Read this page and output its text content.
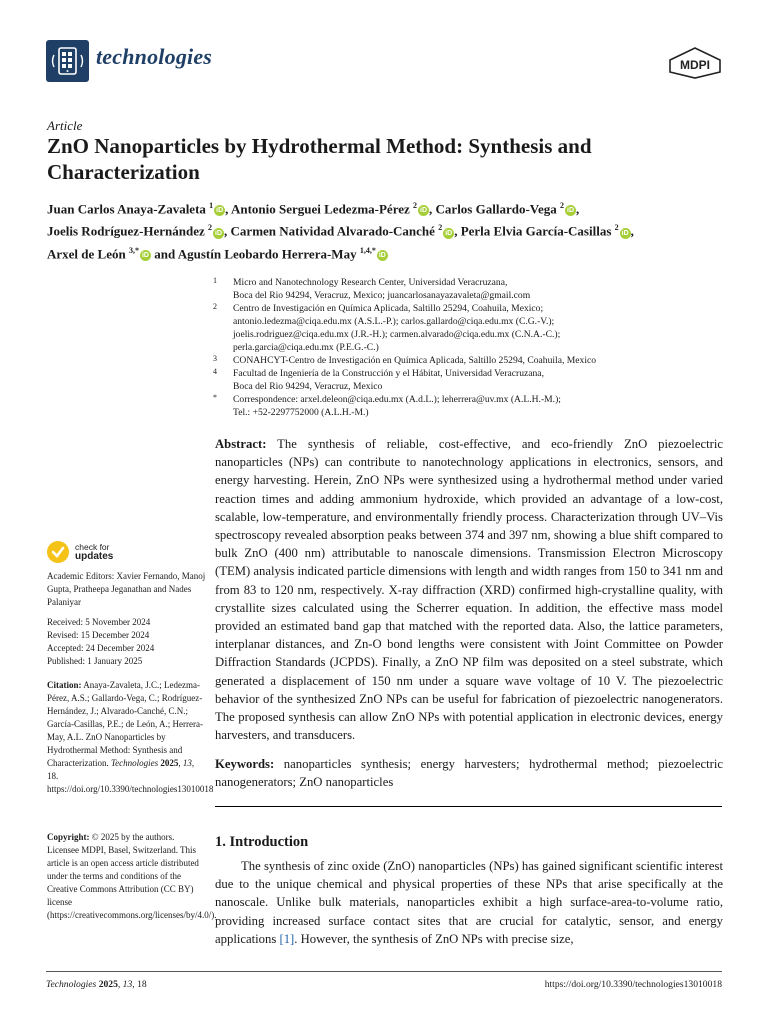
technologies	MDPI
Article
ZnO Nanoparticles by Hydrothermal Method: Synthesis and Characterization
Juan Carlos Anaya-Zavaleta $^1$iD , Antonio Serguei Ledezma-Pérez $^2$iD , Carlos Gallardo-Vega $^2$iD ,
Joelis Rodríguez-Hernández $^2$iD , Carmen Natividad Alvarado-Canché $^2$iD , Perla Elvia García-Casillas $^2$iD ,
Arxel de León $^{3,*}$iD and Agustín Leobardo Herrera-May $^{1,4,*}$iD
1 Micro and Nanotechnology Research Center, Universidad Veracruzana,
Boca del Rio 94294, Veracruz, Mexico; juancarlosanayazavaleta@gmail.com
2 Centro de Investigación en Química Aplicada, Saltillo 25294, Coahuila, Mexico;
antonio.ledezma@ciqa.edu.mx (A.S.L.-P.); carlos.gallardo@ciqa.edu.mx (C.G.-V.);
joelis.rodriguez@ciqa.edu.mx (J.R.-H.); carmen.alvarado@ciqa.edu.mx (C.N.A.-C.);
perla.garcia@ciqa.edu.mx (P.E.G.-C.)
3 CONAHCYT-Centro de Investigación en Química Aplicada, Saltillo 25294, Coahuila, Mexico
4 Facultad de Ingeniería de la Construcción y el Hábitat, Universidad Veracruzana,
Boca del Rio 94294, Veracruz, Mexico
* Correspondence: arxel.deleon@ciqa.edu.mx (A.d.L.); leherrera@uv.mx (A.L.H.-M.);
Tel.: +52-2297752000 (A.L.H.-M.)
Abstract: The synthesis of reliable, cost-effective, and eco-friendly ZnO piezoelectric nanoparticles (NPs) can contribute to nanotechnology applications in electronics, sensors, and energy harvesting. Herein, ZnO NPs were synthesized using a hydrothermal method under varied reaction times and adding ammonium hydroxide, which provided an advantage of a low-cost, scalable, low-temperature, and environmentally friendly process. Characterization through UV–Vis spectroscopy revealed absorption peaks between 374 and 397 nm, showing a blue shift compared to bulk ZnO (400 nm) attributable to nanoscale dimensions. Transmission Electron Microscopy (TEM) analysis indicated particle dimensions with length and width ranges from 150 to 341 nm and from 83 to 120 nm, respectively. X-ray diffraction (XRD) confirmed high-crystalline quality, with crystallite sizes calculated using the Scherrer equation. In addition, the effective mass model provided an estimated band gap that matched with the reported data. Also, the lattice parameters, interplanar distances, and Zn-O bond lengths were consistent with Joint Committee on Powder Diffraction Standards (JCPDS). Finally, a ZnO NP film was deposited on a steel substrate, which generated a displacement of 150 nm under a square wave voltage of 10 V. The piezoelectric behavior of the synthesized ZnO NPs can be useful for fabrication of piezoelectric nanogenerators. The proposed synthesis can allow ZnO NPs with potential application in electronic devices, energy harvesters, and transducers.
Keywords: nanoparticles synthesis; energy harvesters; hydrothermal method; piezoelectric nanogenerators; ZnO nanoparticles
1. Introduction
The synthesis of zinc oxide (ZnO) nanoparticles (NPs) has gained significant scientific interest due to the unique chemical and physical properties of these NPs that arise specifically at the nanoscale. Unlike bulk materials, nanoparticles exhibit a high surface-area-to-volume ratio, providing increased surface contact sites that are crucial for catalytic, sensor, and energy applications [1]. However, the synthesis of ZnO NPs with precise size,
check for
updates
Academic Editors: Xavier Fernando, Manoj Gupta, Pratheepa Jeganathan and Nades Palaniyar
Received: 5 November 2024
Revised: 15 December 2024
Accepted: 24 December 2024
Published: 1 January 2025
Citation: Anaya-Zavaleta, J.C.; Ledezma-Pérez, A.S.; Gallardo-Vega, C.; Rodríguez-Hernández, J.; Alvarado-Canché, C.N.; García-Casillas, P.E.; de León, A.; Herrera-May, A.L. ZnO Nanoparticles by Hydrothermal Method: Synthesis and Characterization. Technologies 2025, 13, 18. https://doi.org/10.3390/technologies13010018
Copyright: © 2025 by the authors. Licensee MDPI, Basel, Switzerland. This article is an open access article distributed under the terms and conditions of the Creative Commons Attribution (CC BY) license (https://creativecommons.org/licenses/by/4.0/).
Technologies 2025, 13, 18	https://doi.org/10.3390/technologies13010018
